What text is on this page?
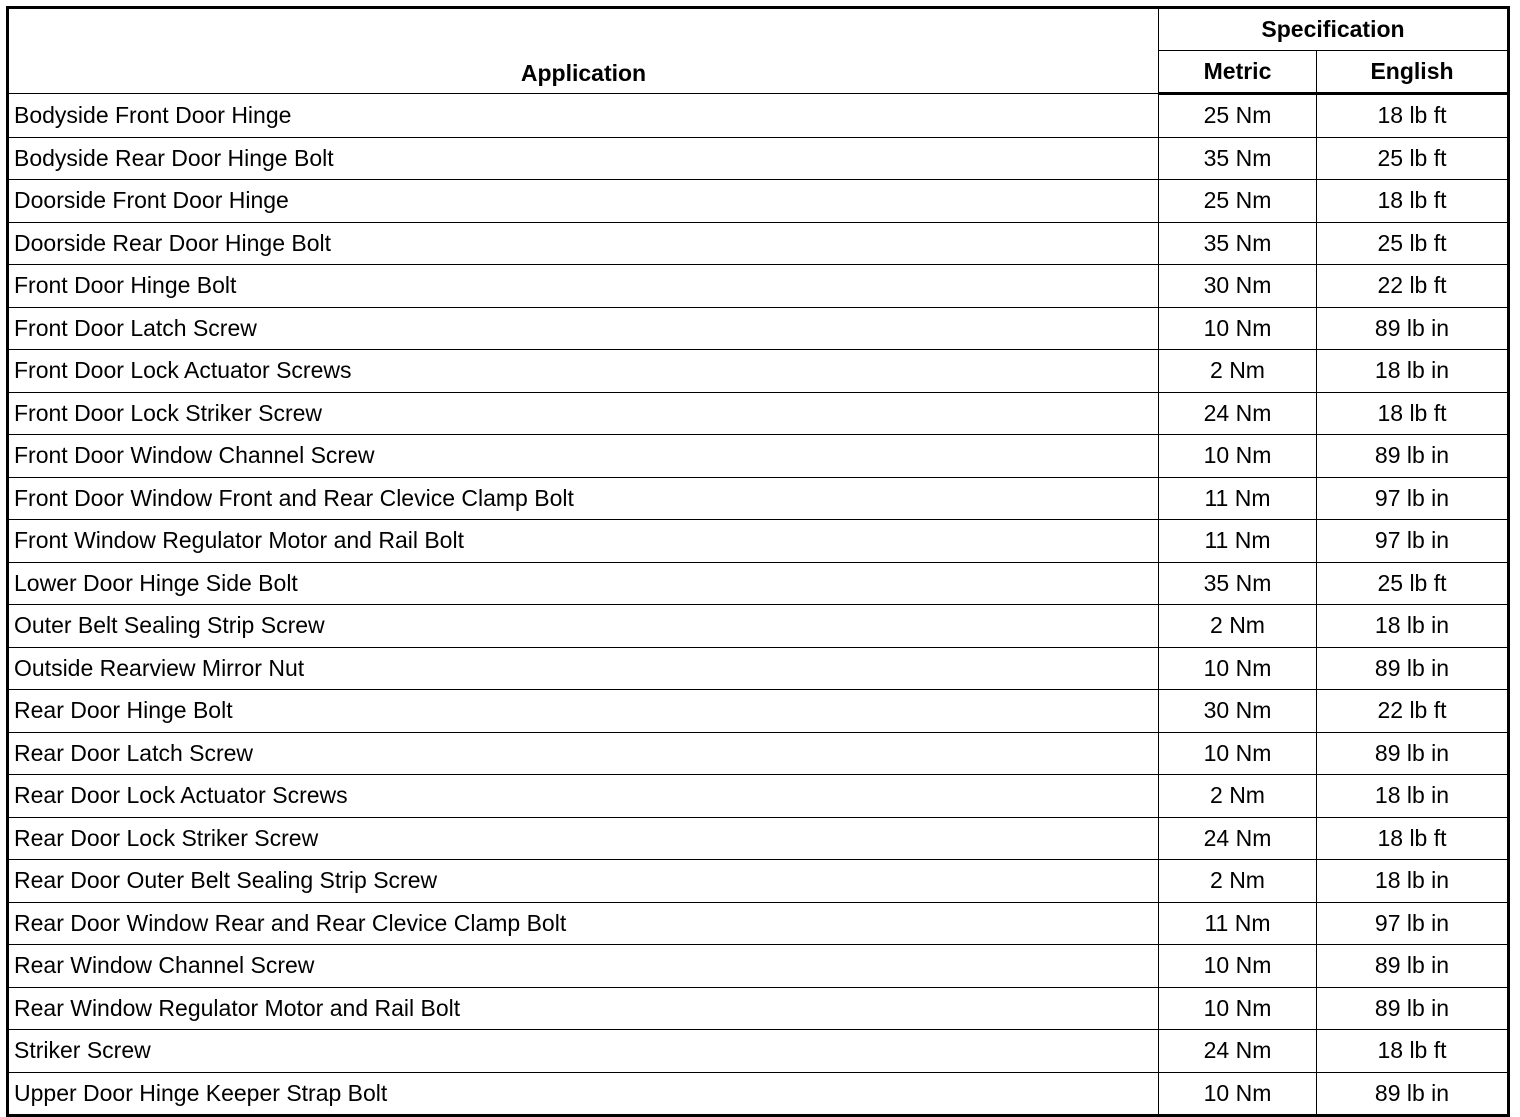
Application	Specification	
	Metric	English
Bodyside Front Door Hinge	25 Nm	18 lb ft
Bodyside Rear Door Hinge Bolt	35 Nm	25 lb ft
Doorside Front Door Hinge	25 Nm	18 lb ft
Doorside Rear Door Hinge Bolt	35 Nm	25 lb ft
Front Door Hinge Bolt	30 Nm	22 lb ft
Front Door Latch Screw	10 Nm	89 lb in
Front Door Lock Actuator Screws	2 Nm	18 lb in
Front Door Lock Striker Screw	24 Nm	18 lb ft
Front Door Window Channel Screw	10 Nm	89 lb in
Front Door Window Front and Rear Clevice Clamp Bolt	11 Nm	97 lb in
Front Window Regulator Motor and Rail Bolt	11 Nm	97 lb in
Lower Door Hinge Side Bolt	35 Nm	25 lb ft
Outer Belt Sealing Strip Screw	2 Nm	18 lb in
Outside Rearview Mirror Nut	10 Nm	89 lb in
Rear Door Hinge Bolt	30 Nm	22 lb ft
Rear Door Latch Screw	10 Nm	89 lb in
Rear Door Lock Actuator Screws	2 Nm	18 lb in
Rear Door Lock Striker Screw	24 Nm	18 lb ft
Rear Door Outer Belt Sealing Strip Screw	2 Nm	18 lb in
Rear Door Window Rear and Rear Clevice Clamp Bolt	11 Nm	97 lb in
Rear Window Channel Screw	10 Nm	89 lb in
Rear Window Regulator Motor and Rail Bolt	10 Nm	89 lb in
Striker Screw	24 Nm	18 lb ft
Upper Door Hinge Keeper Strap Bolt	10 Nm	89 lb in
